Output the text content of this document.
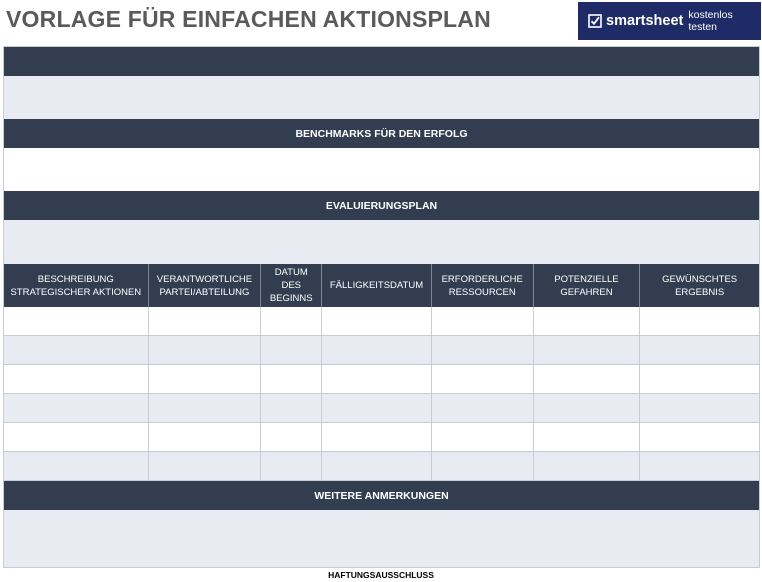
VORLAGE FÜR EINFACHEN AKTIONSPLAN	smartsheet kostenlos testen
BENCHMARKS FÜR DEN ERFOLG
EVALUIERUNGSPLAN
BESCHREIBUNG
STRATEGISCHER AKTIONEN
VERANTWORTLICHE
PARTEI/ABTEILUNG
DATUM
DES
BEGINNS
FÄLLIGKEITSDATUM
ERFORDERLICHE
RESSOURCEN
POTENZIELLE
GEFAHREN
GEWÜNSCHTES
ERGEBNIS
WEITERE ANMERKUNGEN
HAFTUNGSAUSSCHLUSS
